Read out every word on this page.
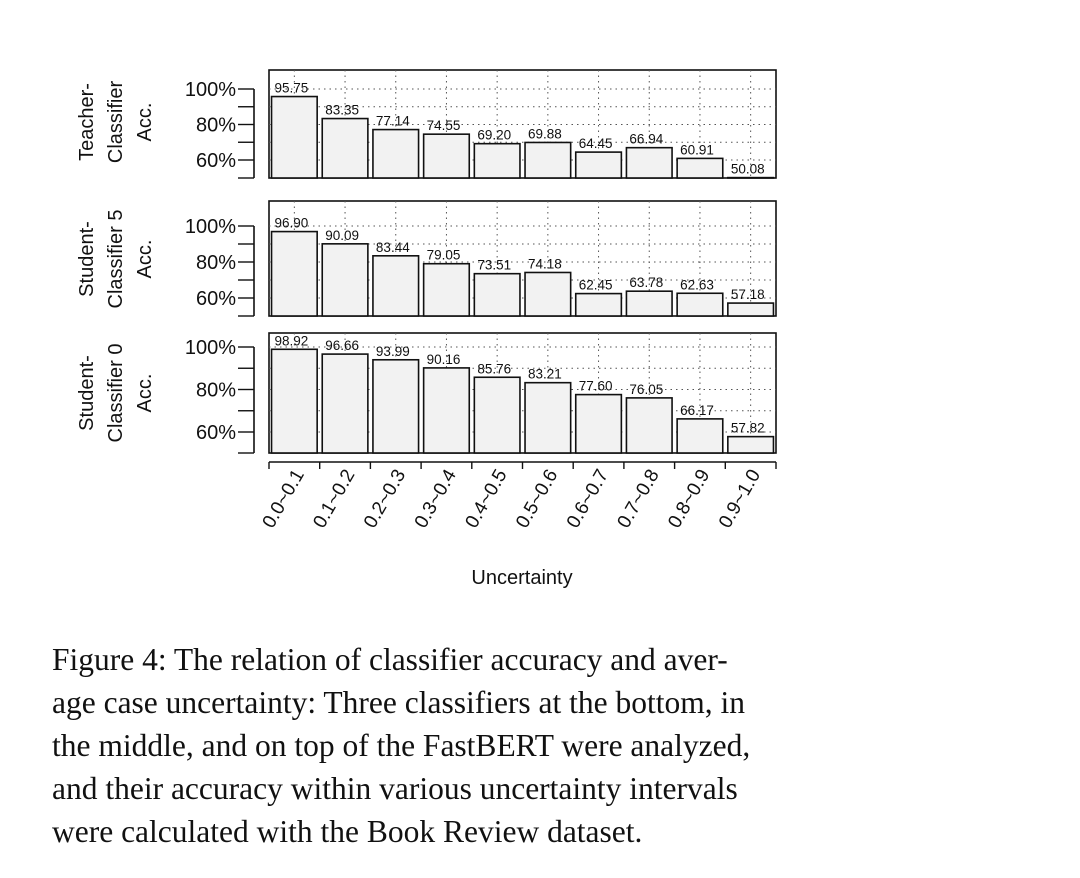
95.75
83.35
77.14 74.55
69.20 69.88
64.45 66.94
60.91
50.08
100%
80%
60%
Teacher- Classifier Acc.
96.90
90.09
83.44
79.05
73.51 74.18
62.45 63.78 62.63
57.18
100%
80%
60%
Student- Classifier 5 Acc.
98.92 96.66 93.99
90.16
85.76 83.21
77.60 76.05
66.17
57.82
100%
80%
60%
Student- Classifier 0 Acc.
0.0~0.1 0.1~0.2 0.2~0.3 0.3~0.4 0.4~0.5 0.5~0.6 0.6~0.7 0.7~0.8 0.8~0.9 0.9~1.0
Uncertainty
Figure 4: The relation of classifier accuracy and aver-
age case uncertainty: Three classifiers at the bottom, in
the middle, and on top of the FastBERT were analyzed,
and their accuracy within various uncertainty intervals
were calculated with the Book Review dataset.
